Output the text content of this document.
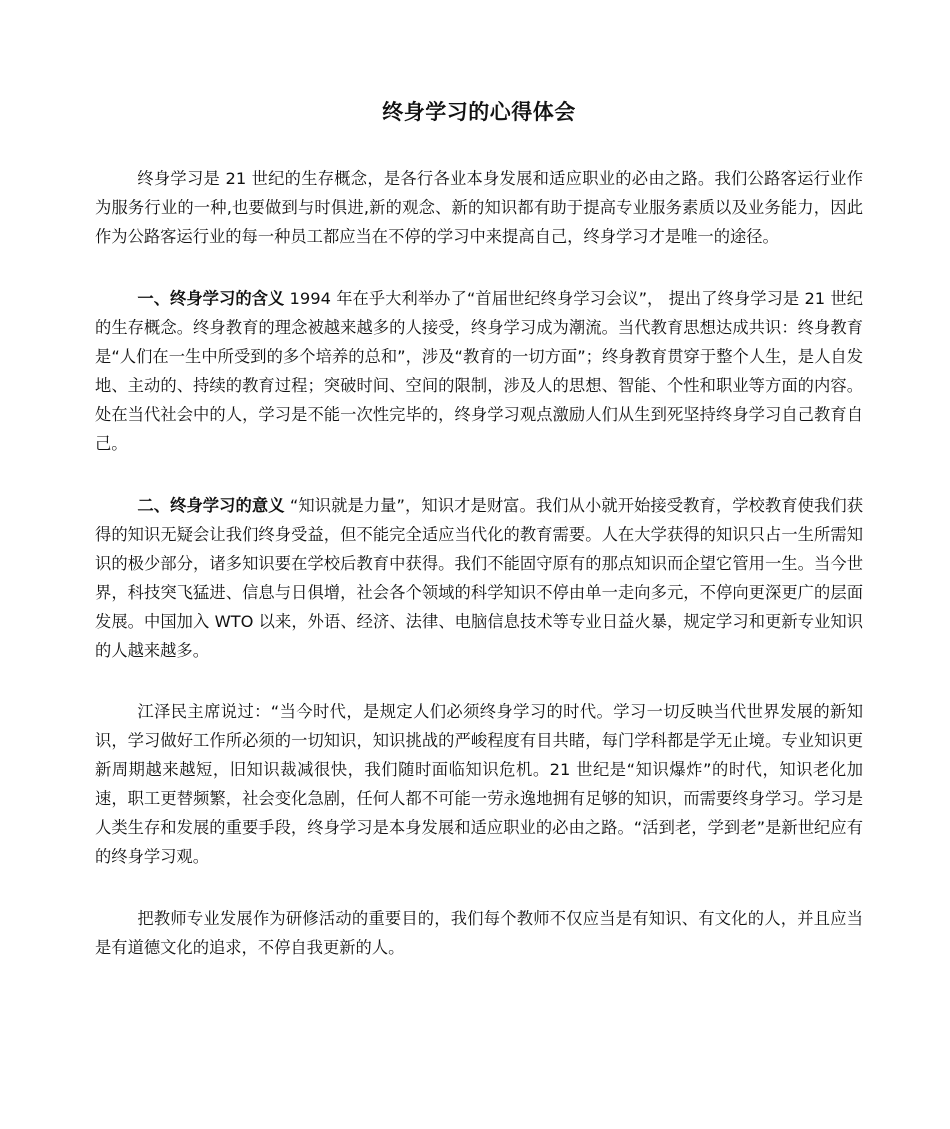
终身学习的心得体会

终身学习是 21 世纪的生存概念，是各行各业本身发展和适应职业的必由之路。我们公路客运行业作为服务行业的一种,也要做到与时俱进,新的观念、新的知识都有助于提高专业服务素质以及业务能力，因此作为公路客运行业的每一种员工都应当在不停的学习中来提高自己，终身学习才是唯一的途径。

一、终身学习的含义 1994 年在乎大利举办了“首届世纪终身学习会议”， 提出了终身学习是 21 世纪的生存概念。终身教育的理念被越来越多的人接受，终身学习成为潮流。当代教育思想达成共识：终身教育是“人们在一生中所受到的多个培养的总和”，涉及“教育的一切方面”；终身教育贯穿于整个人生，是人自发地、主动的、持续的教育过程；突破时间、空间的限制，涉及人的思想、智能、个性和职业等方面的内容。处在当代社会中的人，学习是不能一次性完毕的，终身学习观点激励人们从生到死坚持终身学习自己教育自己。

二、终身学习的意义 “知识就是力量”，知识才是财富。我们从小就开始接受教育，学校教育使我们获得的知识无疑会让我们终身受益，但不能完全适应当代化的教育需要。人在大学获得的知识只占一生所需知识的极少部分，诸多知识要在学校后教育中获得。我们不能固守原有的那点知识而企望它管用一生。当今世界，科技突飞猛进、信息与日俱增，社会各个领域的科学知识不停由单一走向多元，不停向更深更广的层面发展。中国加入 WTO 以来，外语、经济、法律、电脑信息技术等专业日益火暴，规定学习和更新专业知识的人越来越多。

江泽民主席说过：“当今时代，是规定人们必须终身学习的时代。学习一切反映当代世界发展的新知识，学习做好工作所必须的一切知识，知识挑战的严峻程度有目共睹，每门学科都是学无止境。专业知识更新周期越来越短，旧知识裁减很快，我们随时面临知识危机。21 世纪是“知识爆炸”的时代，知识老化加速，职工更替频繁，社会变化急剧，任何人都不可能一劳永逸地拥有足够的知识，而需要终身学习。学习是人类生存和发展的重要手段，终身学习是本身发展和适应职业的必由之路。“活到老，学到老”是新世纪应有的终身学习观。

把教师专业发展作为研修活动的重要目的，我们每个教师不仅应当是有知识、有文化的人，并且应当是有道德文化的追求，不停自我更新的人。
